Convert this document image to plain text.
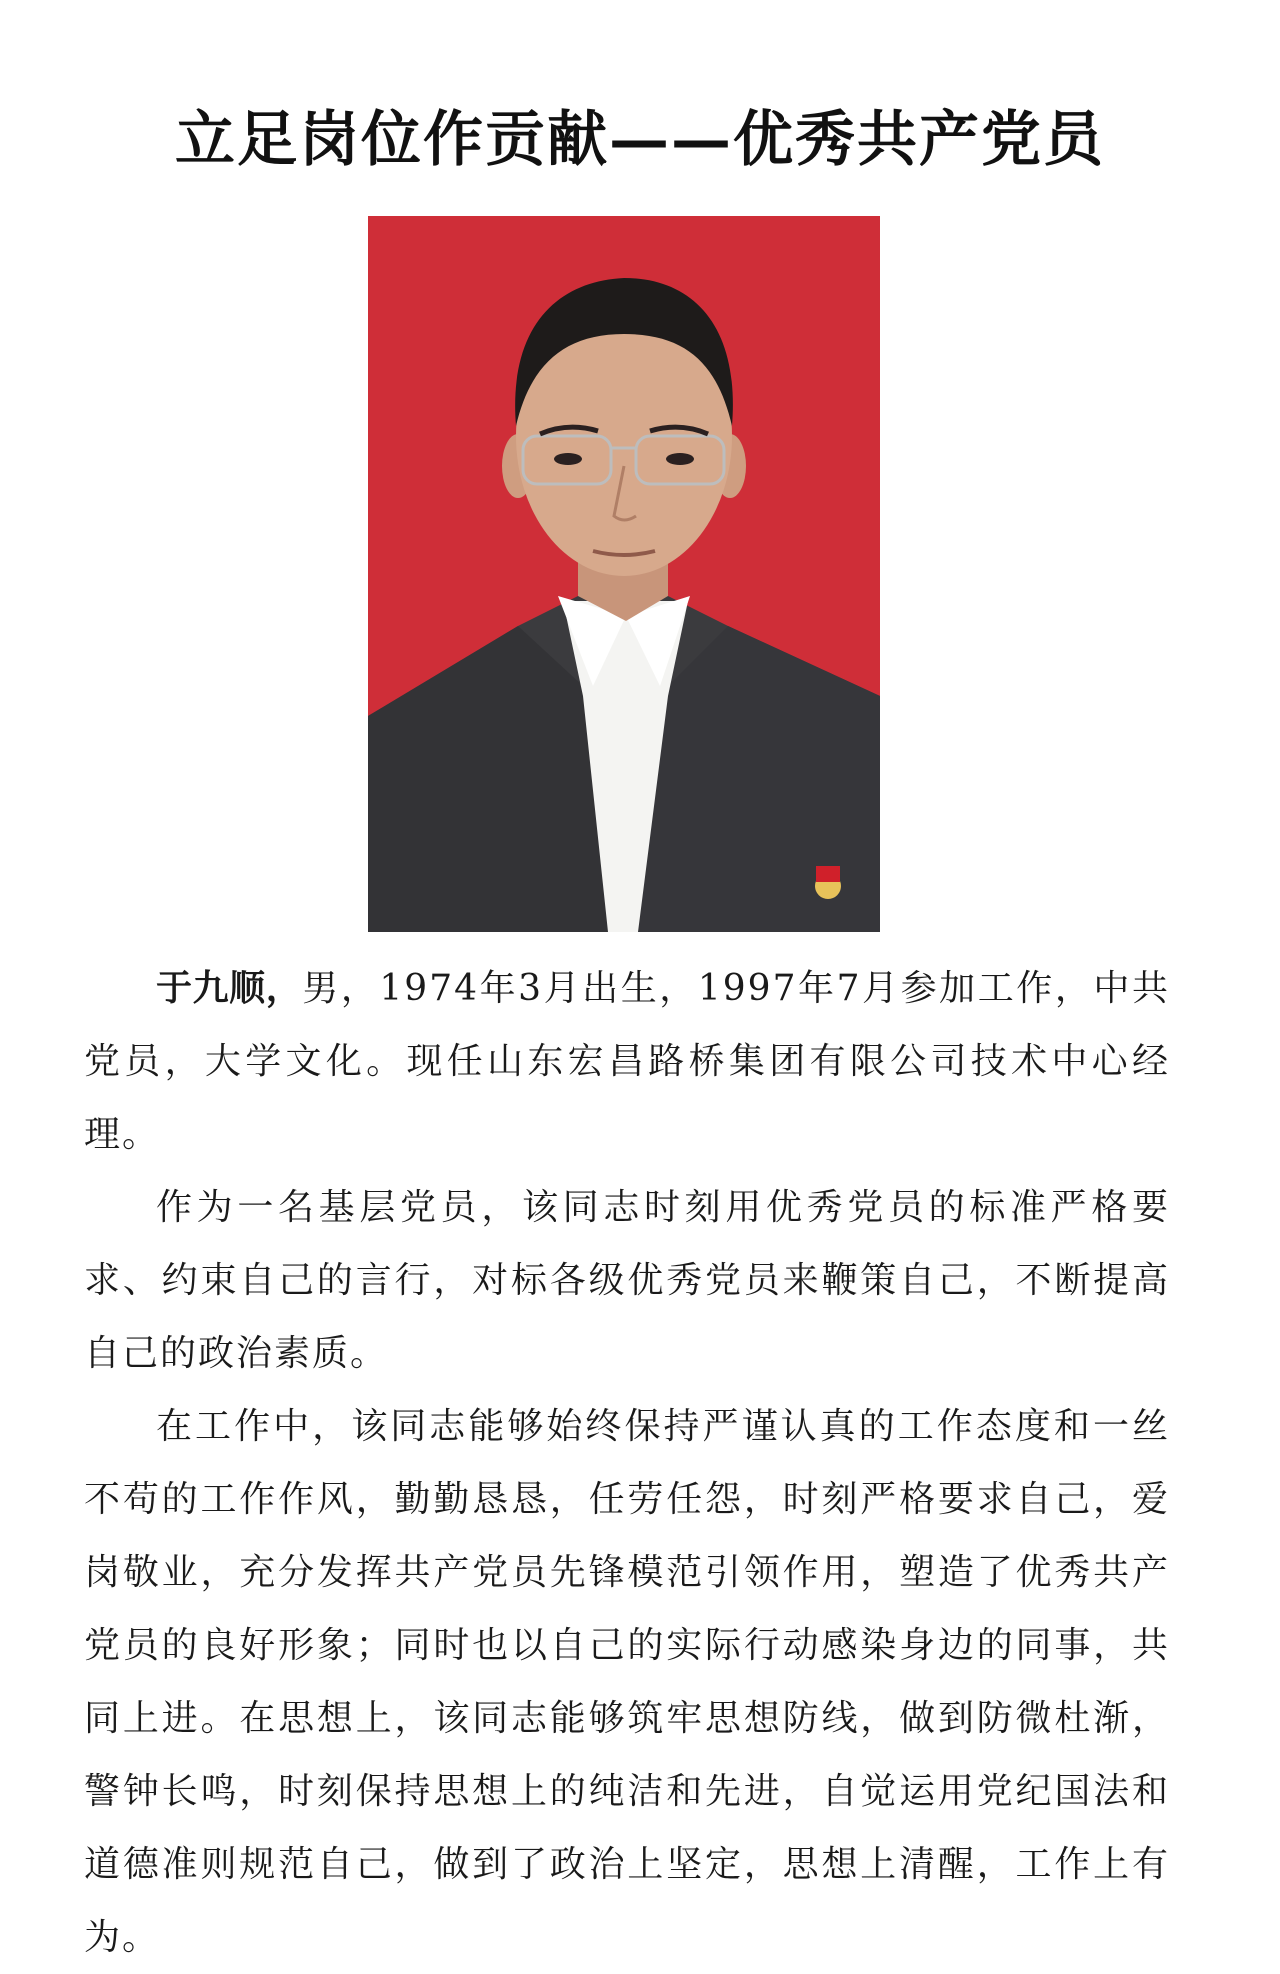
立足岗位作贡献——优秀共产党员

于九顺，男，1974年3月出生，1997年7月参加工作，中共党员，大学文化。现任山东宏昌路桥集团有限公司技术中心经理。

作为一名基层党员，该同志时刻用优秀党员的标准严格要求、约束自己的言行，对标各级优秀党员来鞭策自己，不断提高自己的政治素质。

在工作中，该同志能够始终保持严谨认真的工作态度和一丝不苟的工作作风，勤勤恳恳，任劳任怨，时刻严格要求自己，爱岗敬业，充分发挥共产党员先锋模范引领作用，塑造了优秀共产党员的良好形象；同时也以自己的实际行动感染身边的同事，共同上进。在思想上，该同志能够筑牢思想防线，做到防微杜渐，警钟长鸣，时刻保持思想上的纯洁和先进，自觉运用党纪国法和道德准则规范自己，做到了政治上坚定，思想上清醒，工作上有为。
